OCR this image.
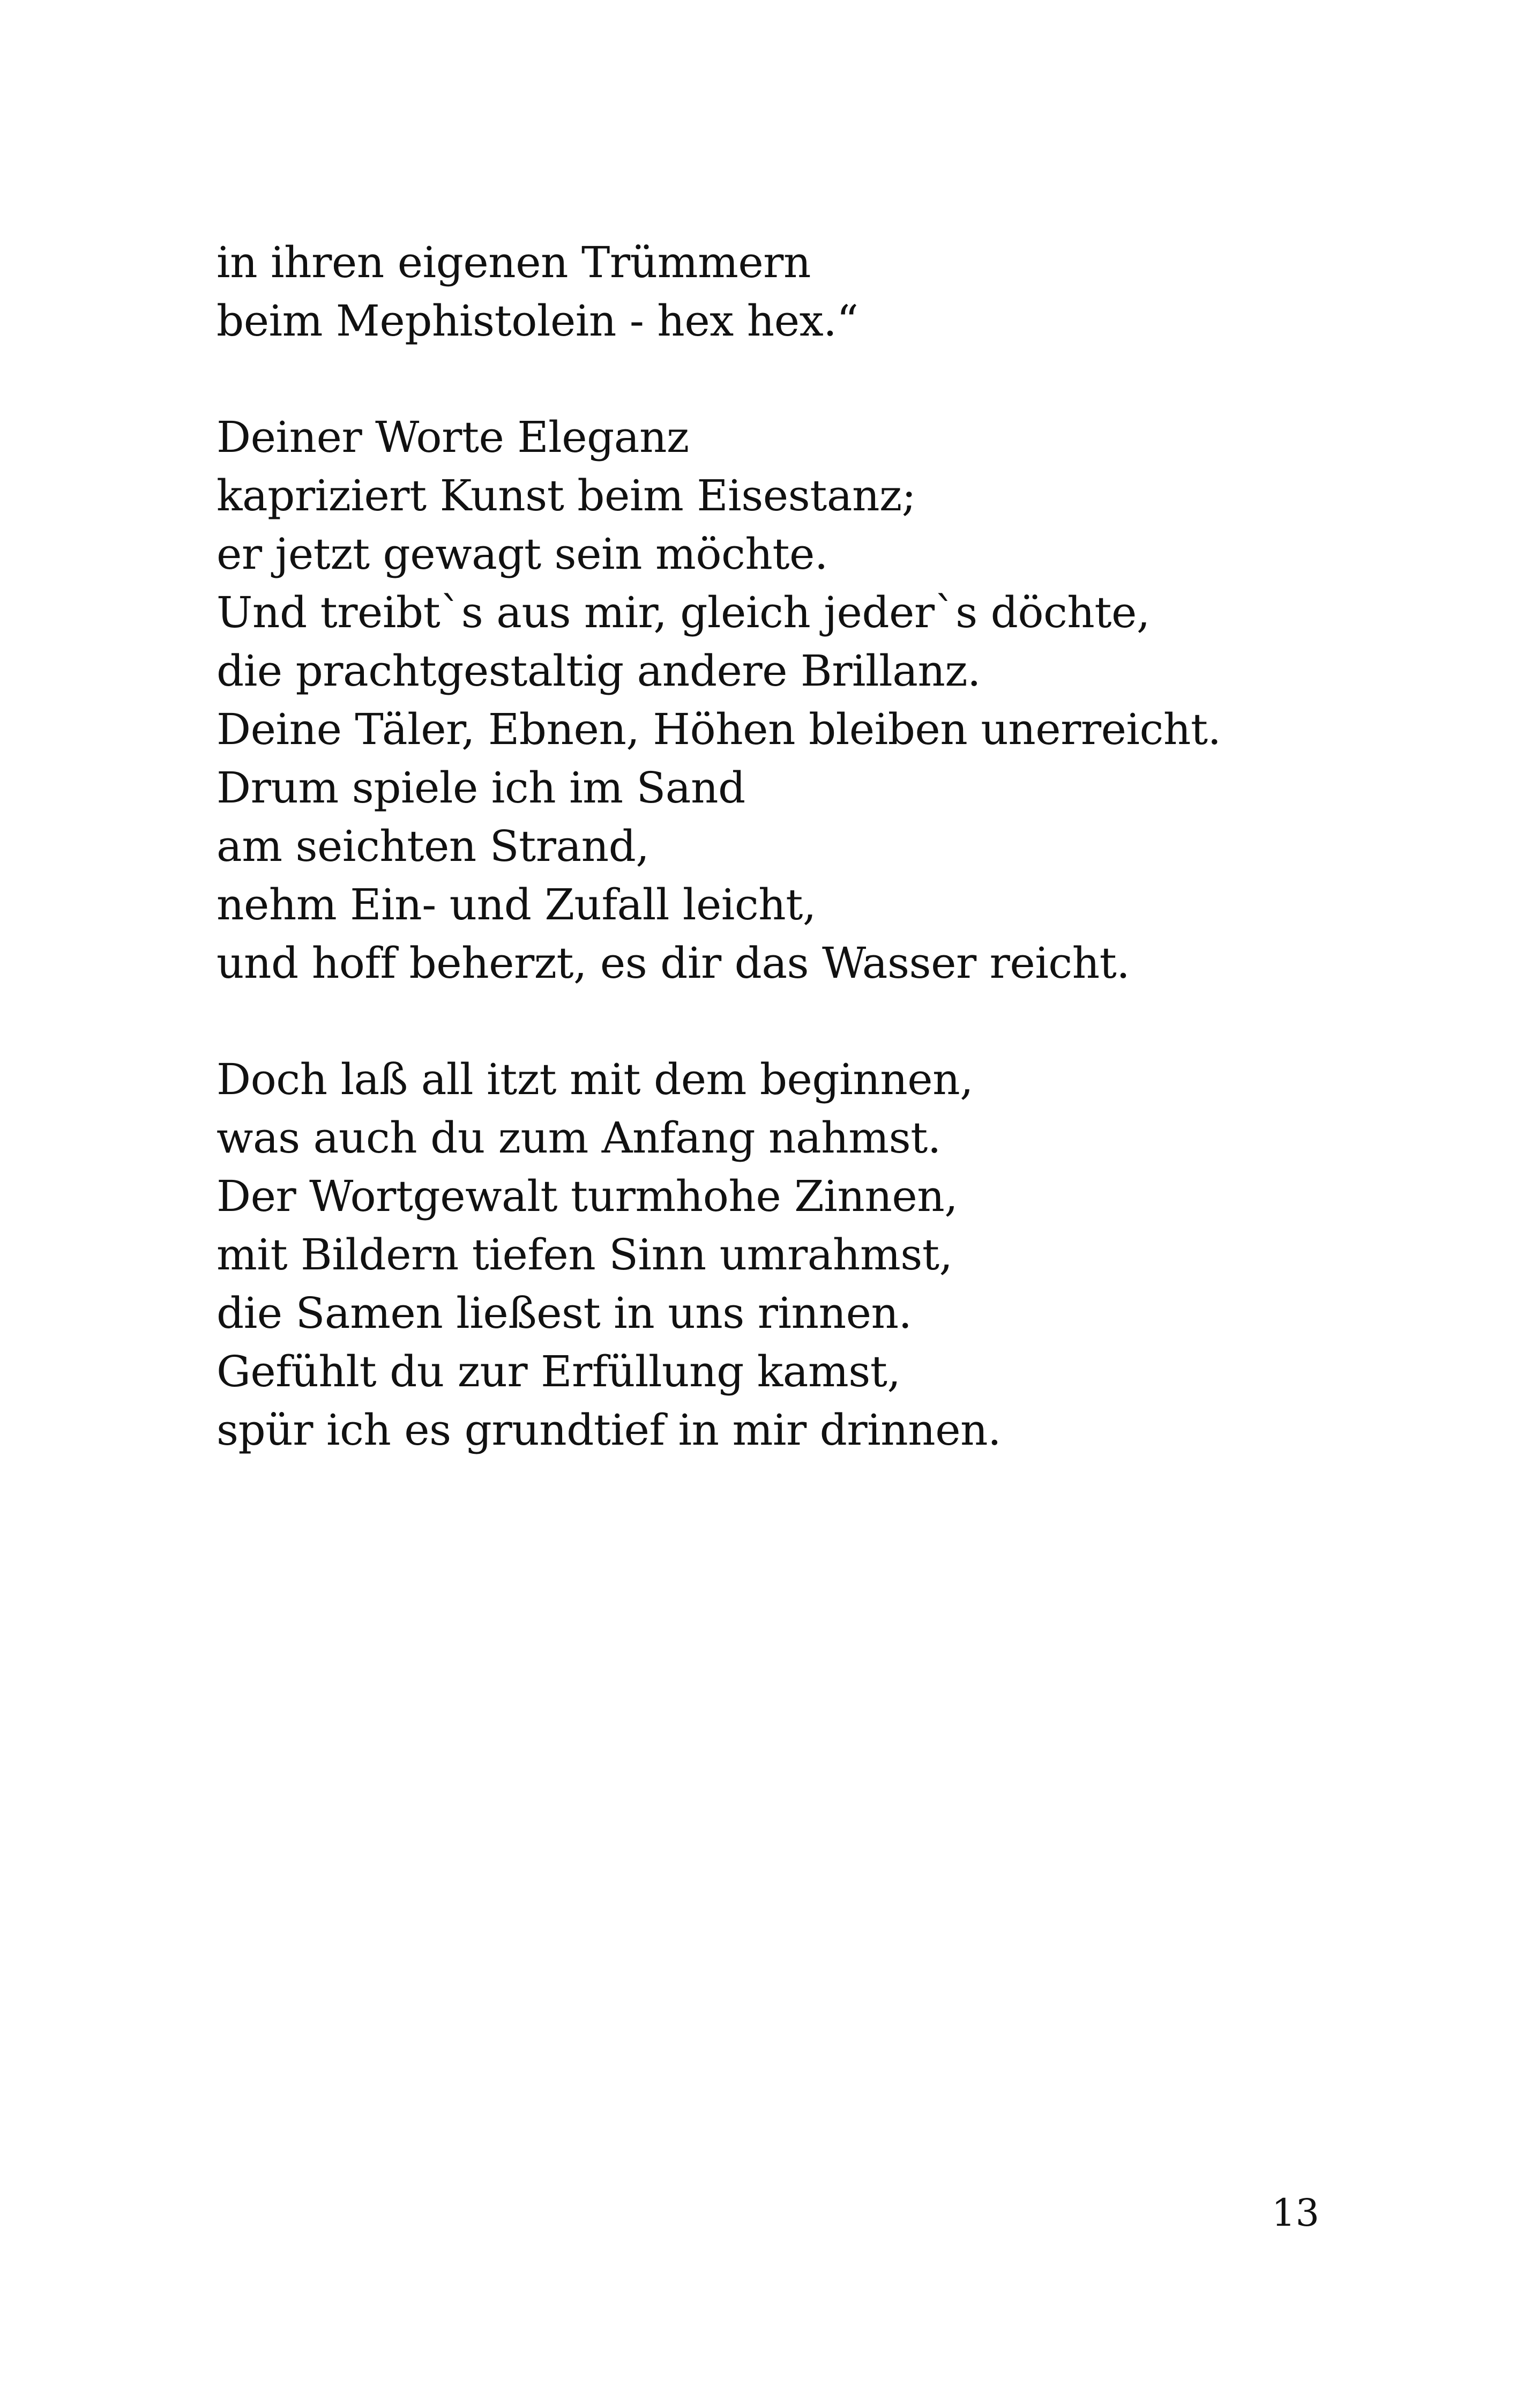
in ihren eigenen Trümmern
beim Mephistolein - hex hex.“
Deiner Worte Eleganz
kapriziert Kunst beim Eisestanz;
er jetzt gewagt sein möchte.
Und treibt`s aus mir, gleich jeder`s döchte,
die prachtgestaltig andere Brillanz.
Deine Täler, Ebnen, Höhen bleiben unerreicht.
Drum spiele ich im Sand
am seichten Strand,
nehm Ein- und Zufall leicht,
und hoff beherzt, es dir das Wasser reicht.
Doch laß all itzt mit dem beginnen,
was auch du zum Anfang nahmst.
Der Wortgewalt turmhohe Zinnen,
mit Bildern tiefen Sinn umrahmst,
die Samen ließest in uns rinnen.
Gefühlt du zur Erfüllung kamst,
spür ich es grundtief in mir drinnen.
13
